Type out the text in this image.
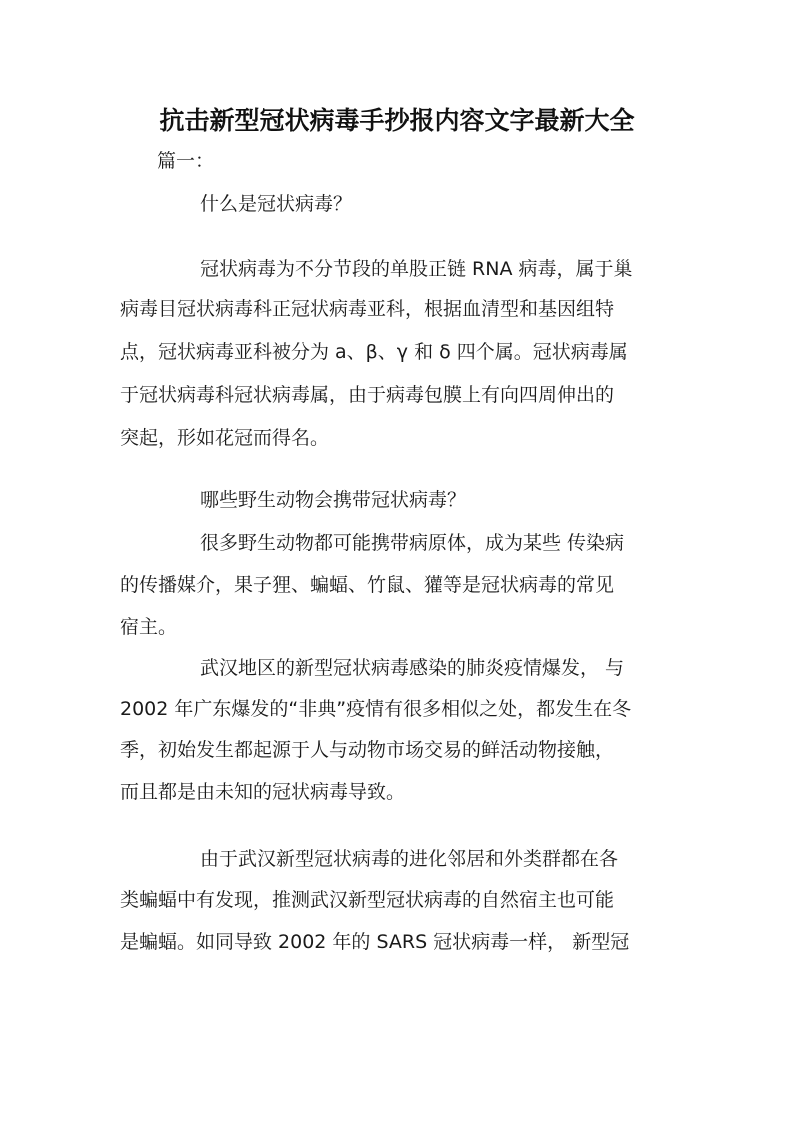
抗击新型冠状病毒手抄报内容文字最新大全

篇一：

什么是冠状病毒？

冠状病毒为不分节段的单股正链 RNA 病毒，属于巢

病毒目冠状病毒科正冠状病毒亚科，根据血清型和基因组特

点，冠状病毒亚科被分为 a、β、γ 和 δ 四个属。冠状病毒属

于冠状病毒科冠状病毒属，由于病毒包膜上有向四周伸出的

突起，形如花冠而得名。

哪些野生动物会携带冠状病毒？

很多野生动物都可能携带病原体，成为某些 传染病

的传播媒介，果子狸、蝙蝠、竹鼠、獾等是冠状病毒的常见

宿主。

武汉地区的新型冠状病毒感染的肺炎疫情爆发， 与

2002 年广东爆发的“非典”疫情有很多相似之处，都发生在冬

季，初始发生都起源于人与动物市场交易的鲜活动物接触，

而且都是由未知的冠状病毒导致。

由于武汉新型冠状病毒的进化邻居和外类群都在各

类蝙蝠中有发现，推测武汉新型冠状病毒的自然宿主也可能

是蝙蝠。如同导致 2002 年的 SARS 冠状病毒一样， 新型冠
